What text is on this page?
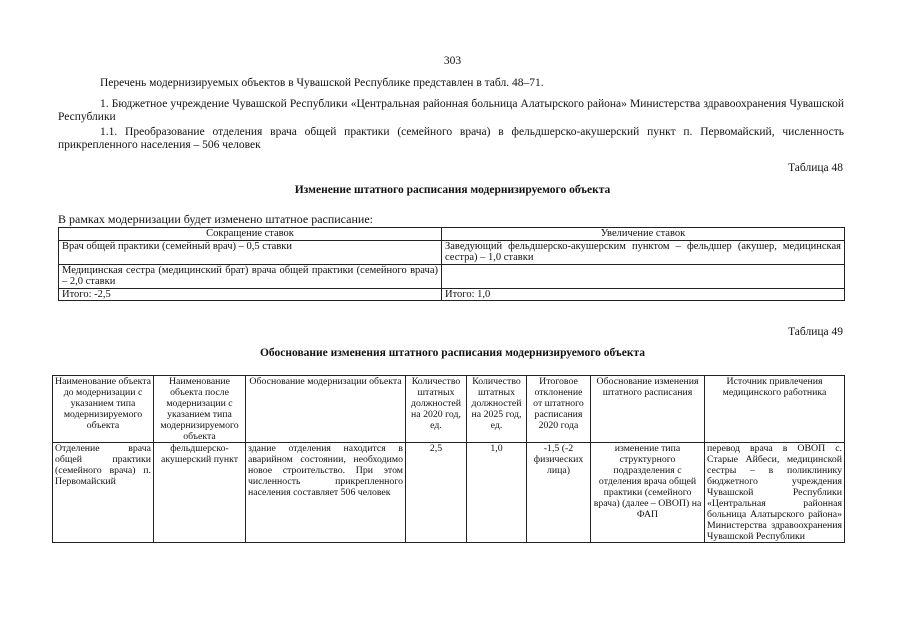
303
Перечень модернизируемых объектов в Чувашской Республике представлен в табл. 48–71.
1. Бюджетное учреждение Чувашской Республики «Центральная районная больница Алатырского района» Министерства здравоохранения Чувашской Республики
1.1. Преобразование отделения врача общей практики (семейного врача) в фельдшерско-акушерский пункт п. Первомайский, численность прикрепленного населения – 506 человек
Таблица 48
Изменение штатного расписания модернизируемого объекта
В рамках модернизации будет изменено штатное расписание:
Сокращение ставок	Увеличение ставок
Врач общей практики (семейный врач) – 0,5 ставки	Заведующий фельдшерско-акушерским пунктом – фельдшер (акушер, медицинская сестра) – 1,0 ставки
Медицинская сестра (медицинский брат) врача общей практики (семейного врача) – 2,0 ставки	
Итого: -2,5	Итого: 1,0
Таблица 49
Обоснование изменения штатного расписания модернизируемого объекта
Наименование объекта до модернизации с указанием типа модернизируемого объекта	Наименование объекта после модернизации с указанием типа модернизируемого объекта	Обоснование модернизации объекта	Количество штатных должностей на 2020 год, ед.	Количество штатных должностей на 2025 год, ед.	Итоговое отклонение от штатного расписания 2020 года	Обоснование изменения штатного расписания	Источник привлечения медицинского работника
Отделение врача общей практики (семейного врача) п. Первомайский	фельдшерско-акушерский пункт	здание отделения находится в аварийном состоянии, необходимо новое строительство. При этом численность прикрепленного населения составляет 506 человек	2,5	1,0	-1,5 (-2 физических лица)	изменение типа структурного подразделения с отделения врача общей практики (семейного врача) (далее – ОВОП) на ФАП	перевод врача в ОВОП с. Старые Айбеси, медицинской сестры – в поликлинику бюджетного учреждения Чувашской Республики «Центральная районная больница Алатырского района» Министерства здравоохранения Чувашской Республики
